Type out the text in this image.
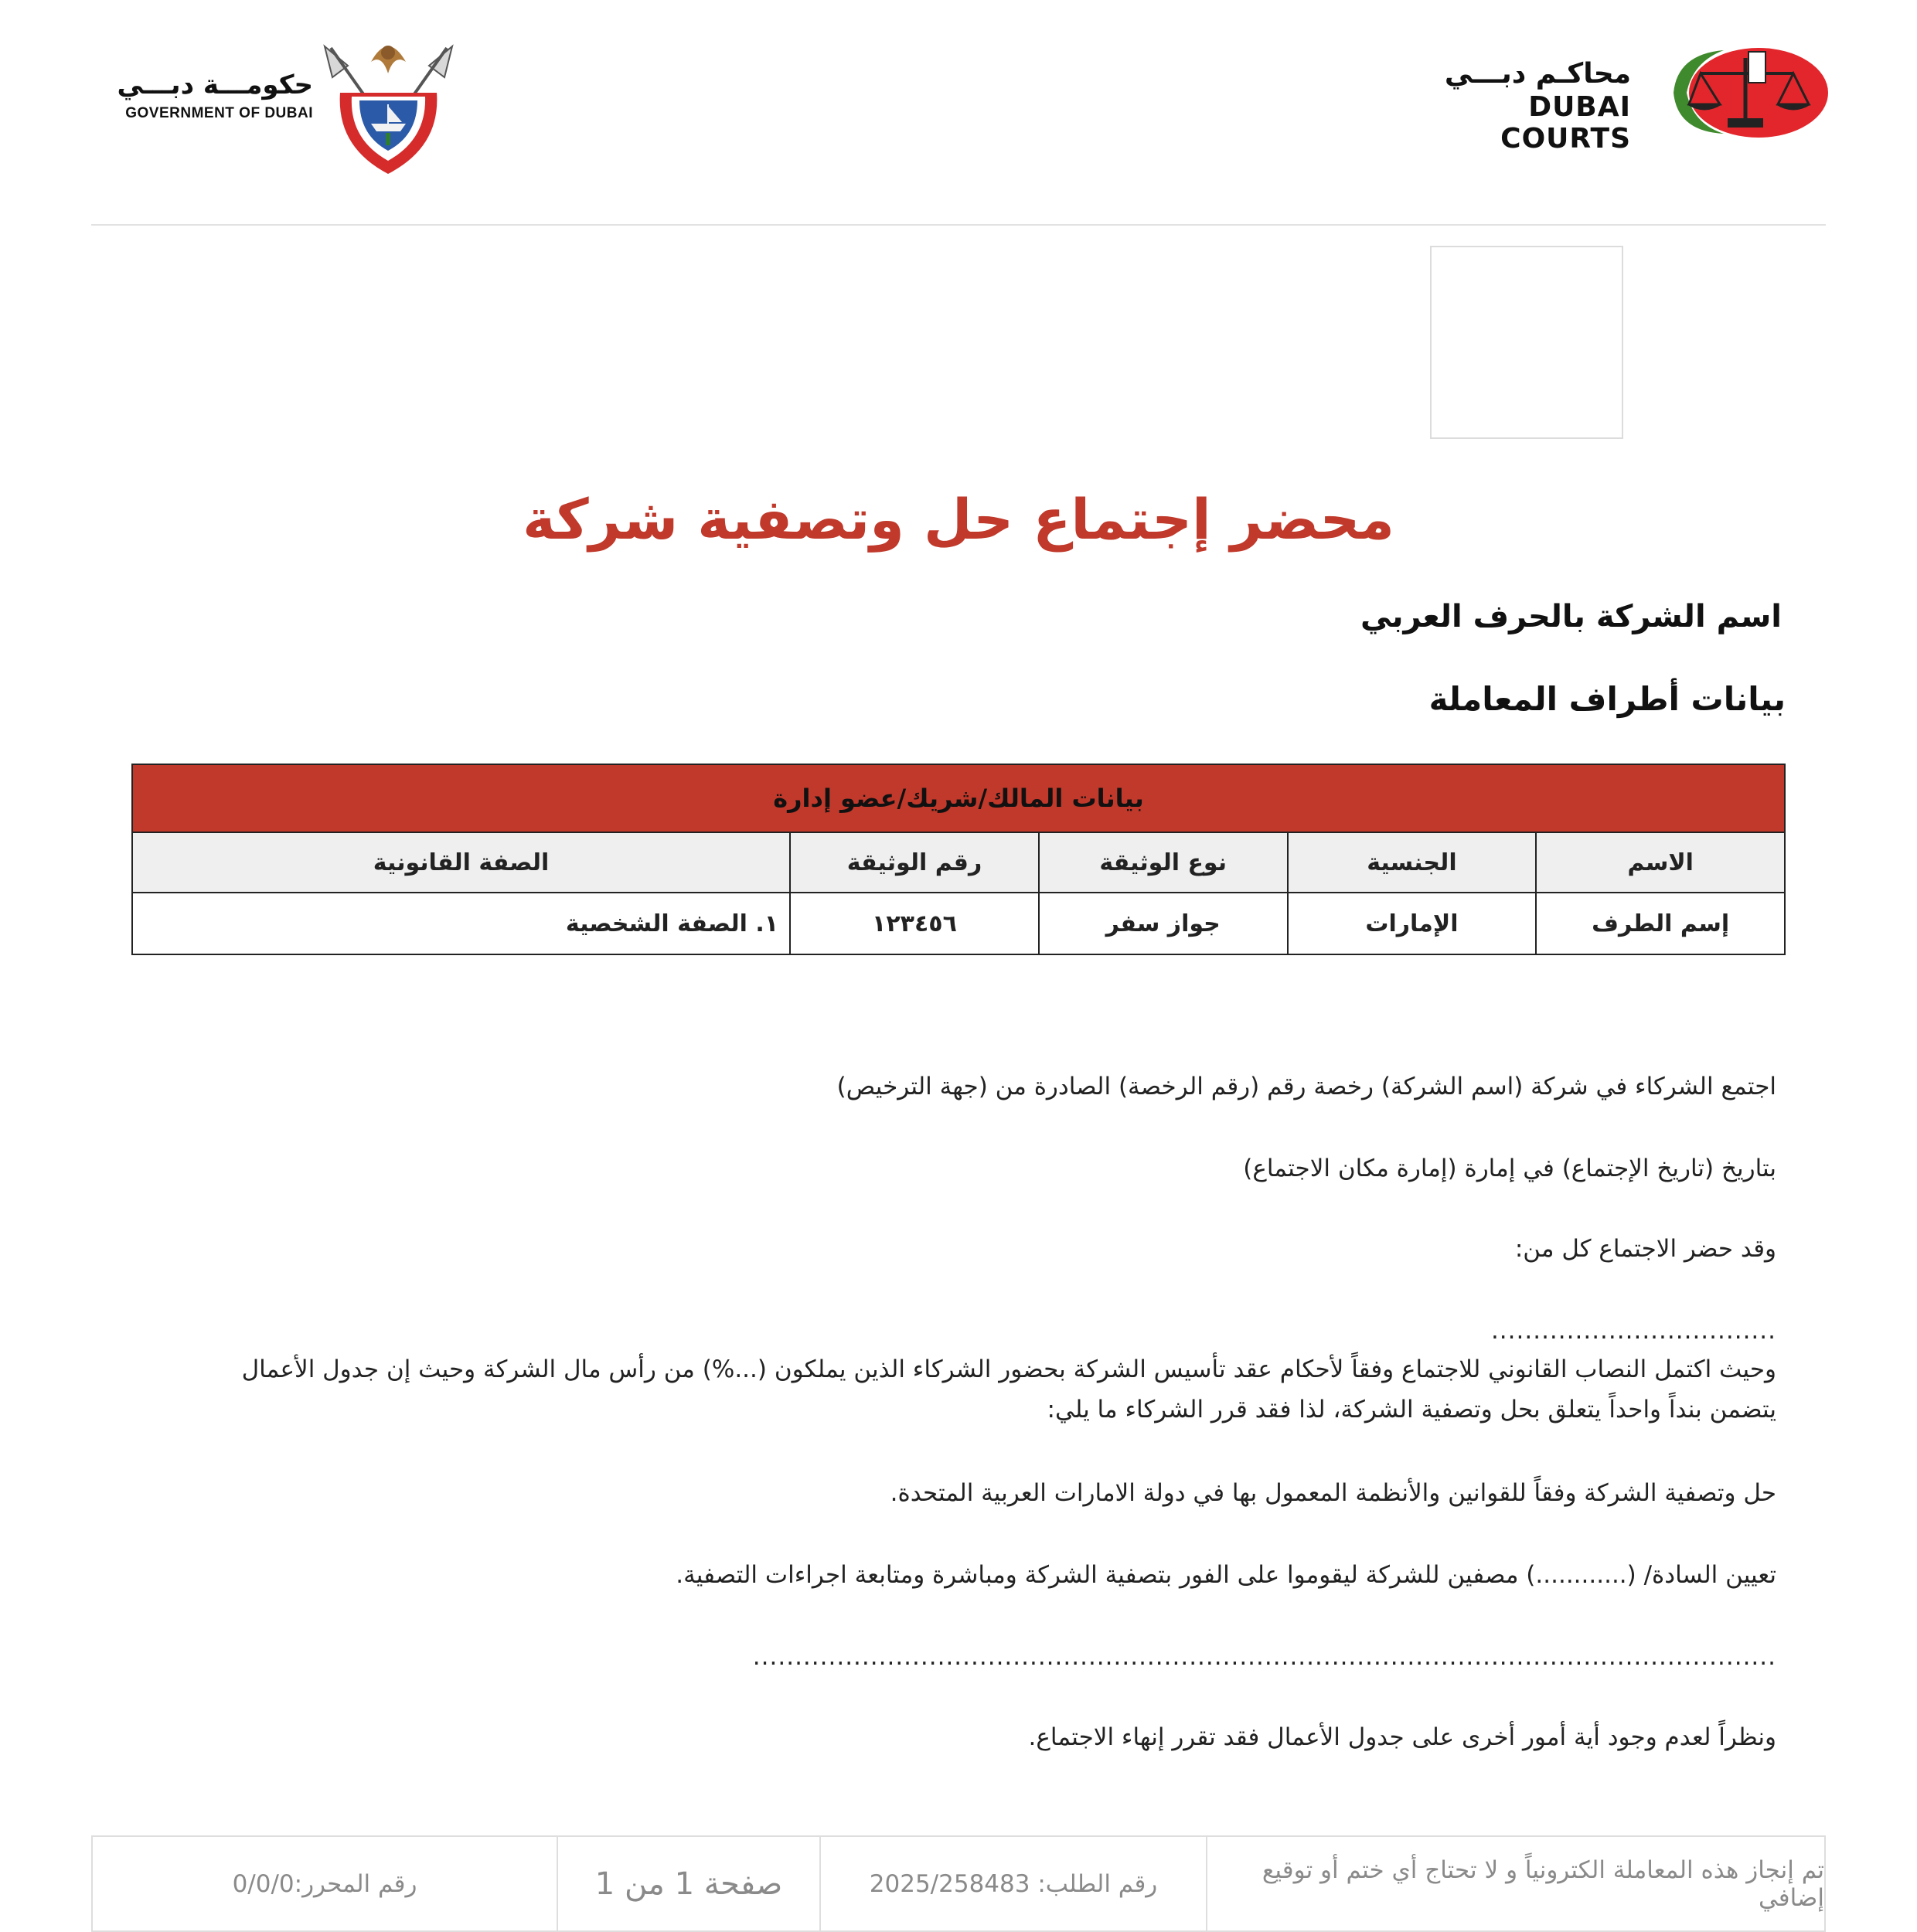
حكومـــة دبـــي
GOVERNMENT OF DUBAI
محاكـم دبـــي
DUBAI COURTS
محضر إجتماع حل وتصفية شركة
اسم الشركة بالحرف العربي
بيانات أطراف المعاملة
بيانات المالك/شريك/عضو إدارة				
الاسم	الجنسية	نوع الوثيقة	رقم الوثيقة	الصفة القانونية
إسم الطرف	الإمارات	جواز سفر	١٢٣٤٥٦	١. الصفة الشخصية
اجتمع الشركاء في شركة (اسم الشركة) رخصة رقم (رقم الرخصة) الصادرة من (جهة الترخيص)
بتاريخ (تاريخ الإجتماع) في إمارة (إمارة مكان الاجتماع)
وقد حضر الاجتماع كل من:
..................................
وحيث اكتمل النصاب القانوني للاجتماع وفقاً لأحكام عقد تأسيس الشركة بحضور الشركاء الذين يملكون (...%) من رأس مال الشركة وحيث إن جدول الأعمال يتضمن بنداً واحداً يتعلق بحل وتصفية الشركة، لذا فقد قرر الشركاء ما يلي:
حل وتصفية الشركة وفقاً للقوانين والأنظمة المعمول بها في دولة الامارات العربية المتحدة.
تعيين السادة/ (............) مصفين للشركة ليقوموا على الفور بتصفية الشركة ومباشرة ومتابعة اجراءات التصفية.
..........................................................................................................................
ونظراً لعدم وجود أية أمور أخرى على جدول الأعمال فقد تقرر إنهاء الاجتماع.
تم إنجاز هذه المعاملة الكترونياً و لا تحتاج أي ختم أو توقيع إضافي
رقم الطلب: 2025/258483
صفحة 1 من 1
رقم المحرر:0/0/0
